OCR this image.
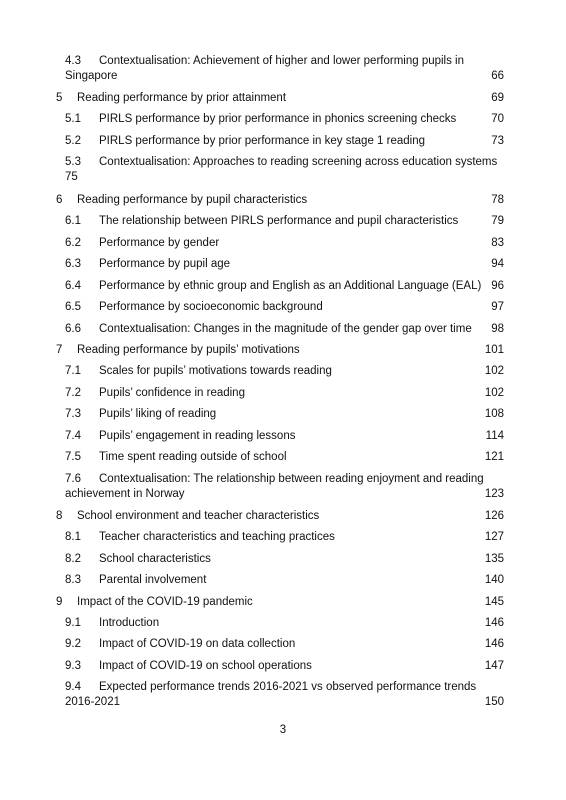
4.3 Contextualisation: Achievement of higher and lower performing pupils in
Singapore	66
5 Reading performance by prior attainment	69
5.1 PIRLS performance by prior performance in phonics screening checks	70
5.2 PIRLS performance by prior performance in key stage 1 reading	73
5.3 Contextualisation: Approaches to reading screening across education systems
75
6 Reading performance by pupil characteristics	78
6.1 The relationship between PIRLS performance and pupil characteristics	79
6.2 Performance by gender	83
6.3 Performance by pupil age	94
6.4 Performance by ethnic group and English as an Additional Language (EAL) 96
6.5 Performance by socioeconomic background	97
6.6 Contextualisation: Changes in the magnitude of the gender gap over time 98
7 Reading performance by pupils’ motivations	101
7.1 Scales for pupils’ motivations towards reading	102
7.2 Pupils’ confidence in reading	102
7.3 Pupils’ liking of reading	108
7.4 Pupils’ engagement in reading lessons	114
7.5 Time spent reading outside of school	121
7.6 Contextualisation: The relationship between reading enjoyment and reading
achievement in Norway	123
8 School environment and teacher characteristics	126
8.1 Teacher characteristics and teaching practices	127
8.2 School characteristics	135
8.3 Parental involvement	140
9 Impact of the COVID-19 pandemic	145
9.1 Introduction	146
9.2 Impact of COVID-19 on data collection	146
9.3 Impact of COVID-19 on school operations	147
9.4 Expected performance trends 2016-2021 vs observed performance trends
2016-2021	150
3
